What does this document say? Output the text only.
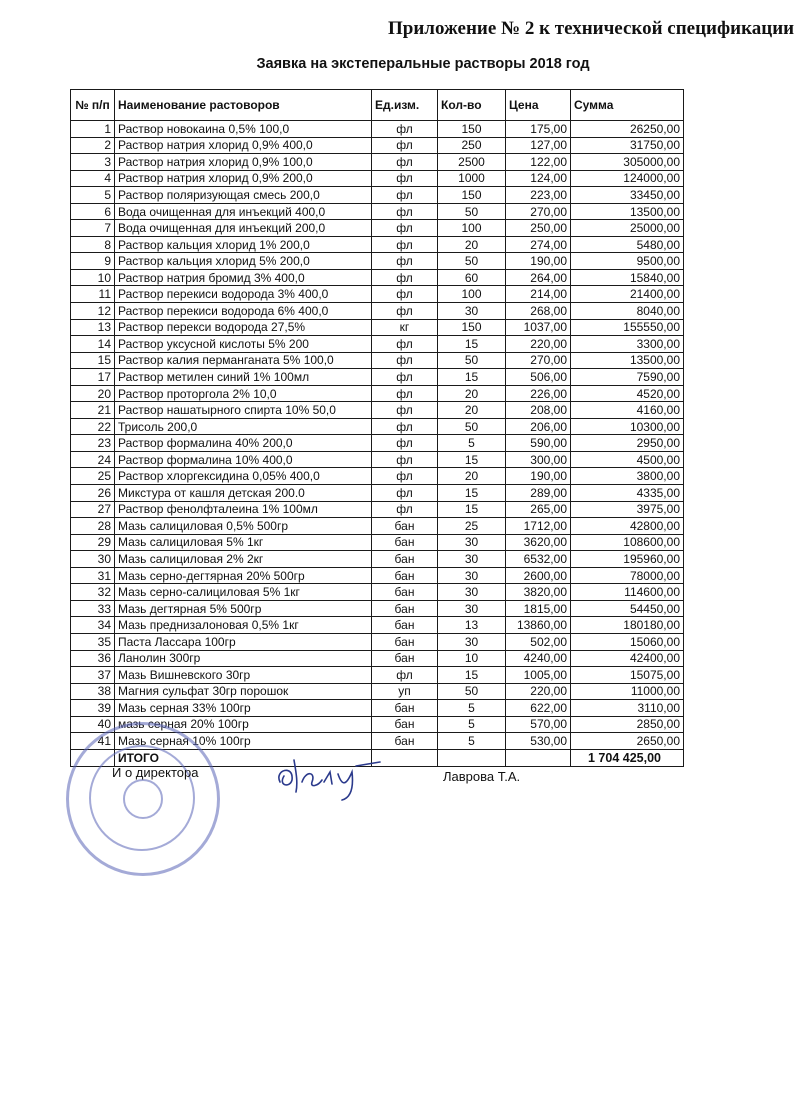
Приложение № 2 к технической спецификации
Заявка на экстеперальные растворы 2018 год
№ п/п	Наименование растоворов	Ед.изм.	Кол-во	Цена	Сумма
1	Раствор новокаина 0,5% 100,0	фл	150	175,00	26250,00
2	Раствор натрия хлорид 0,9% 400,0	фл	250	127,00	31750,00
3	Раствор натрия хлорид 0,9% 100,0	фл	2500	122,00	305000,00
4	Раствор натрия хлорид 0,9% 200,0	фл	1000	124,00	124000,00
5	Раствор поляризующая смесь 200,0	фл	150	223,00	33450,00
6	Вода очищенная для инъекций 400,0	фл	50	270,00	13500,00
7	Вода очищенная для инъекций 200,0	фл	100	250,00	25000,00
8	Раствор кальция хлорид 1% 200,0	фл	20	274,00	5480,00
9	Раствор кальция хлорид 5% 200,0	фл	50	190,00	9500,00
10	Раствор натрия бромид 3% 400,0	фл	60	264,00	15840,00
11	Раствор перекиси водорода 3% 400,0	фл	100	214,00	21400,00
12	Раствор перекиси водорода 6% 400,0	фл	30	268,00	8040,00
13	Раствор перекси водорода 27,5%	кг	150	1037,00	155550,00
14	Раствор уксусной кислоты 5% 200	фл	15	220,00	3300,00
15	Раствор калия перманганата 5% 100,0	фл	50	270,00	13500,00
17	Раствор метилен синий 1% 100мл	фл	15	506,00	7590,00
20	Раствор проторгола 2% 10,0	фл	20	226,00	4520,00
21	Раствор нашатырного спирта 10% 50,0	фл	20	208,00	4160,00
22	Трисоль 200,0	фл	50	206,00	10300,00
23	Раствор формалина 40% 200,0	фл	5	590,00	2950,00
24	Раствор формалина 10% 400,0	фл	15	300,00	4500,00
25	Раствор хлоргексидина 0,05% 400,0	фл	20	190,00	3800,00
26	Микстура от кашля детская 200.0	фл	15	289,00	4335,00
27	Раствор фенолфталеина 1% 100мл	фл	15	265,00	3975,00
28	Мазь салициловая 0,5% 500гр	бан	25	1712,00	42800,00
29	Мазь салициловая 5% 1кг	бан	30	3620,00	108600,00
30	Мазь салициловая 2% 2кг	бан	30	6532,00	195960,00
31	Мазь серно-дегтярная 20% 500гр	бан	30	2600,00	78000,00
32	Мазь серно-салициловая 5% 1кг	бан	30	3820,00	114600,00
33	Мазь дегтярная 5% 500гр	бан	30	1815,00	54450,00
34	Мазь преднизалоновая 0,5% 1кг	бан	13	13860,00	180180,00
35	Паста Лассара 100гр	бан	30	502,00	15060,00
36	Ланолин 300гр	бан	10	4240,00	42400,00
37	Мазь Вишневского 30гр	фл	15	1005,00	15075,00
38	Магния сульфат 30гр порошок	уп	50	220,00	11000,00
39	Мазь серная 33% 100гр	бан	5	622,00	3110,00
40	мазь серная 20% 100гр	бан	5	570,00	2850,00
41	Мазь серная 10% 100гр	бан	5	530,00	2650,00
	ИТОГО				1 704 425,00
И о директора	Лаврова Т.А.
